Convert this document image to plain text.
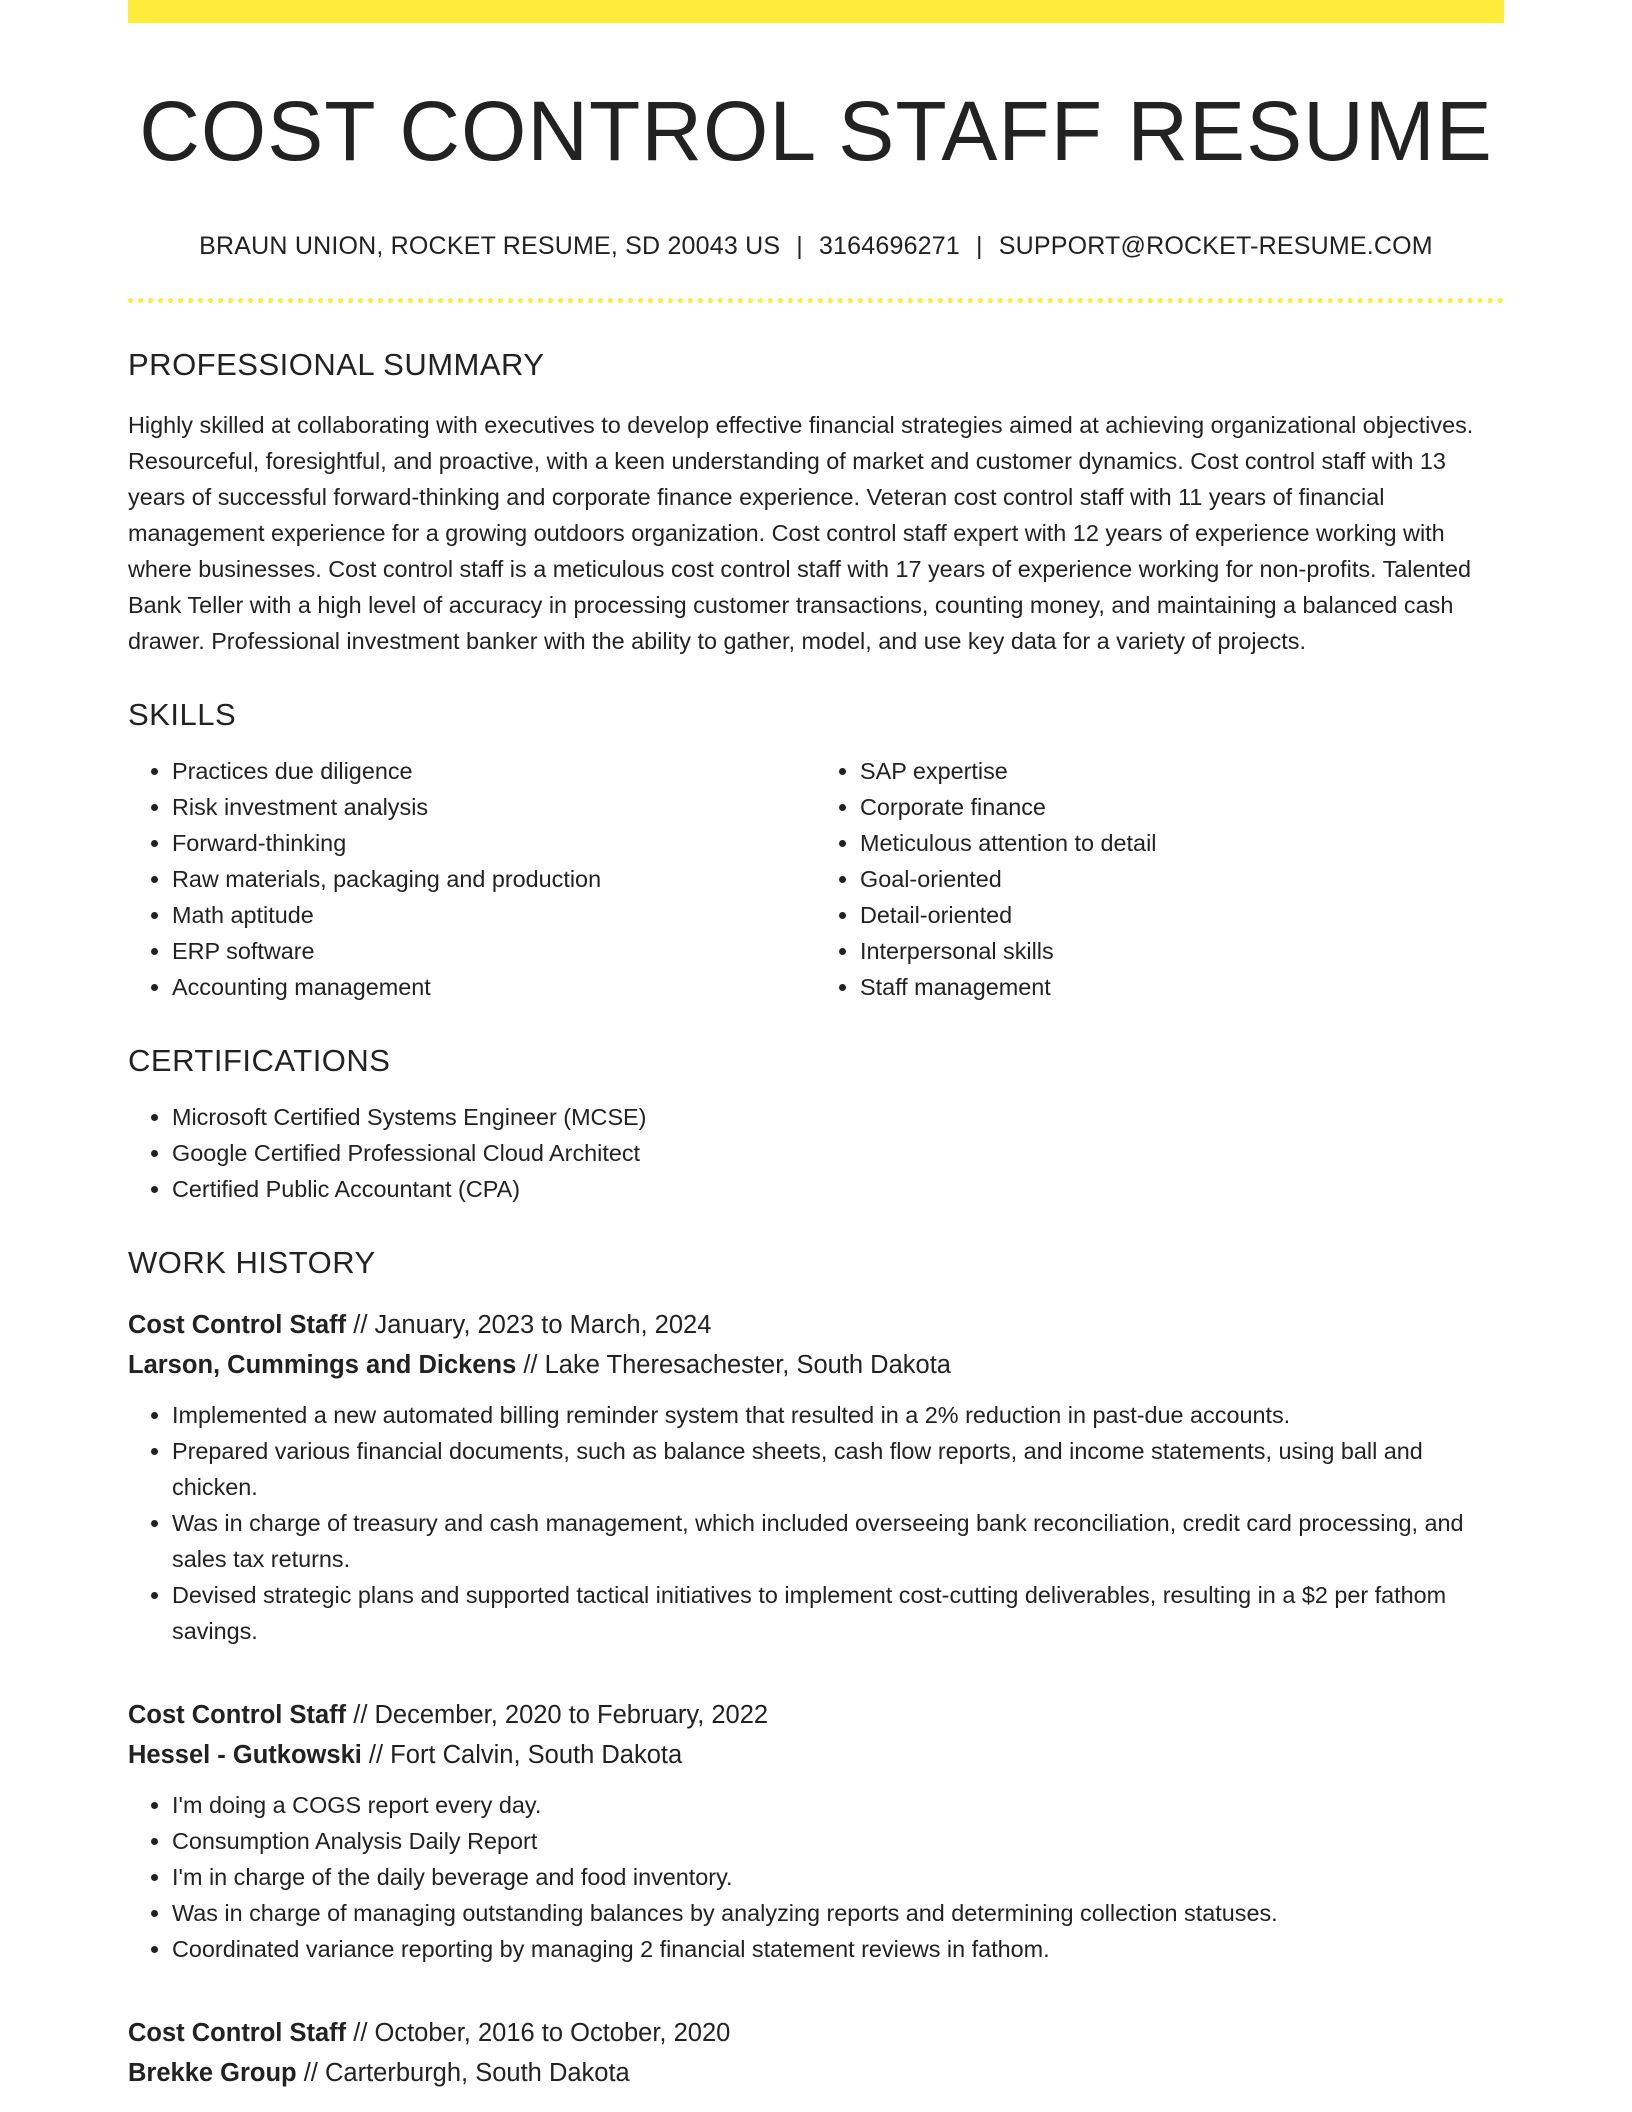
COST CONTROL STAFF RESUME
BRAUN UNION, ROCKET RESUME, SD 20043 US | 3164696271 | SUPPORT@ROCKET-RESUME.COM
PROFESSIONAL SUMMARY

Highly skilled at collaborating with executives to develop effective financial strategies aimed at achieving organizational objectives. Resourceful, foresightful, and proactive, with a keen understanding of market and customer dynamics. Cost control staff with 13 years of successful forward-thinking and corporate finance experience. Veteran cost control staff with 11 years of financial management experience for a growing outdoors organization. Cost control staff expert with 12 years of experience working with where businesses. Cost control staff is a meticulous cost control staff with 17 years of experience working for non-profits. Talented Bank Teller with a high level of accuracy in processing customer transactions, counting money, and maintaining a balanced cash drawer. Professional investment banker with the ability to gather, model, and use key data for a variety of projects.

SKILLS
• Practices due diligence
• Risk investment analysis
• Forward-thinking
• Raw materials, packaging and production
• Math aptitude
• ERP software
• Accounting management
• SAP expertise
• Corporate finance
• Meticulous attention to detail
• Goal-oriented
• Detail-oriented
• Interpersonal skills
• Staff management
CERTIFICATIONS
• Microsoft Certified Systems Engineer (MCSE)
• Google Certified Professional Cloud Architect
• Certified Public Accountant (CPA)
WORK HISTORY
Cost Control Staff // January, 2023 to March, 2024
Larson, Cummings and Dickens // Lake Theresachester, South Dakota
• Implemented a new automated billing reminder system that resulted in a 2% reduction in past-due accounts.
• Prepared various financial documents, such as balance sheets, cash flow reports, and income statements, using ball and chicken.
• Was in charge of treasury and cash management, which included overseeing bank reconciliation, credit card processing, and sales tax returns.
• Devised strategic plans and supported tactical initiatives to implement cost-cutting deliverables, resulting in a $2 per fathom savings.
Cost Control Staff // December, 2020 to February, 2022
Hessel - Gutkowski // Fort Calvin, South Dakota
• I'm doing a COGS report every day.
• Consumption Analysis Daily Report
• I'm in charge of the daily beverage and food inventory.
• Was in charge of managing outstanding balances by analyzing reports and determining collection statuses.
• Coordinated variance reporting by managing 2 financial statement reviews in fathom.
Cost Control Staff // October, 2016 to October, 2020
Brekke Group // Carterburgh, South Dakota
